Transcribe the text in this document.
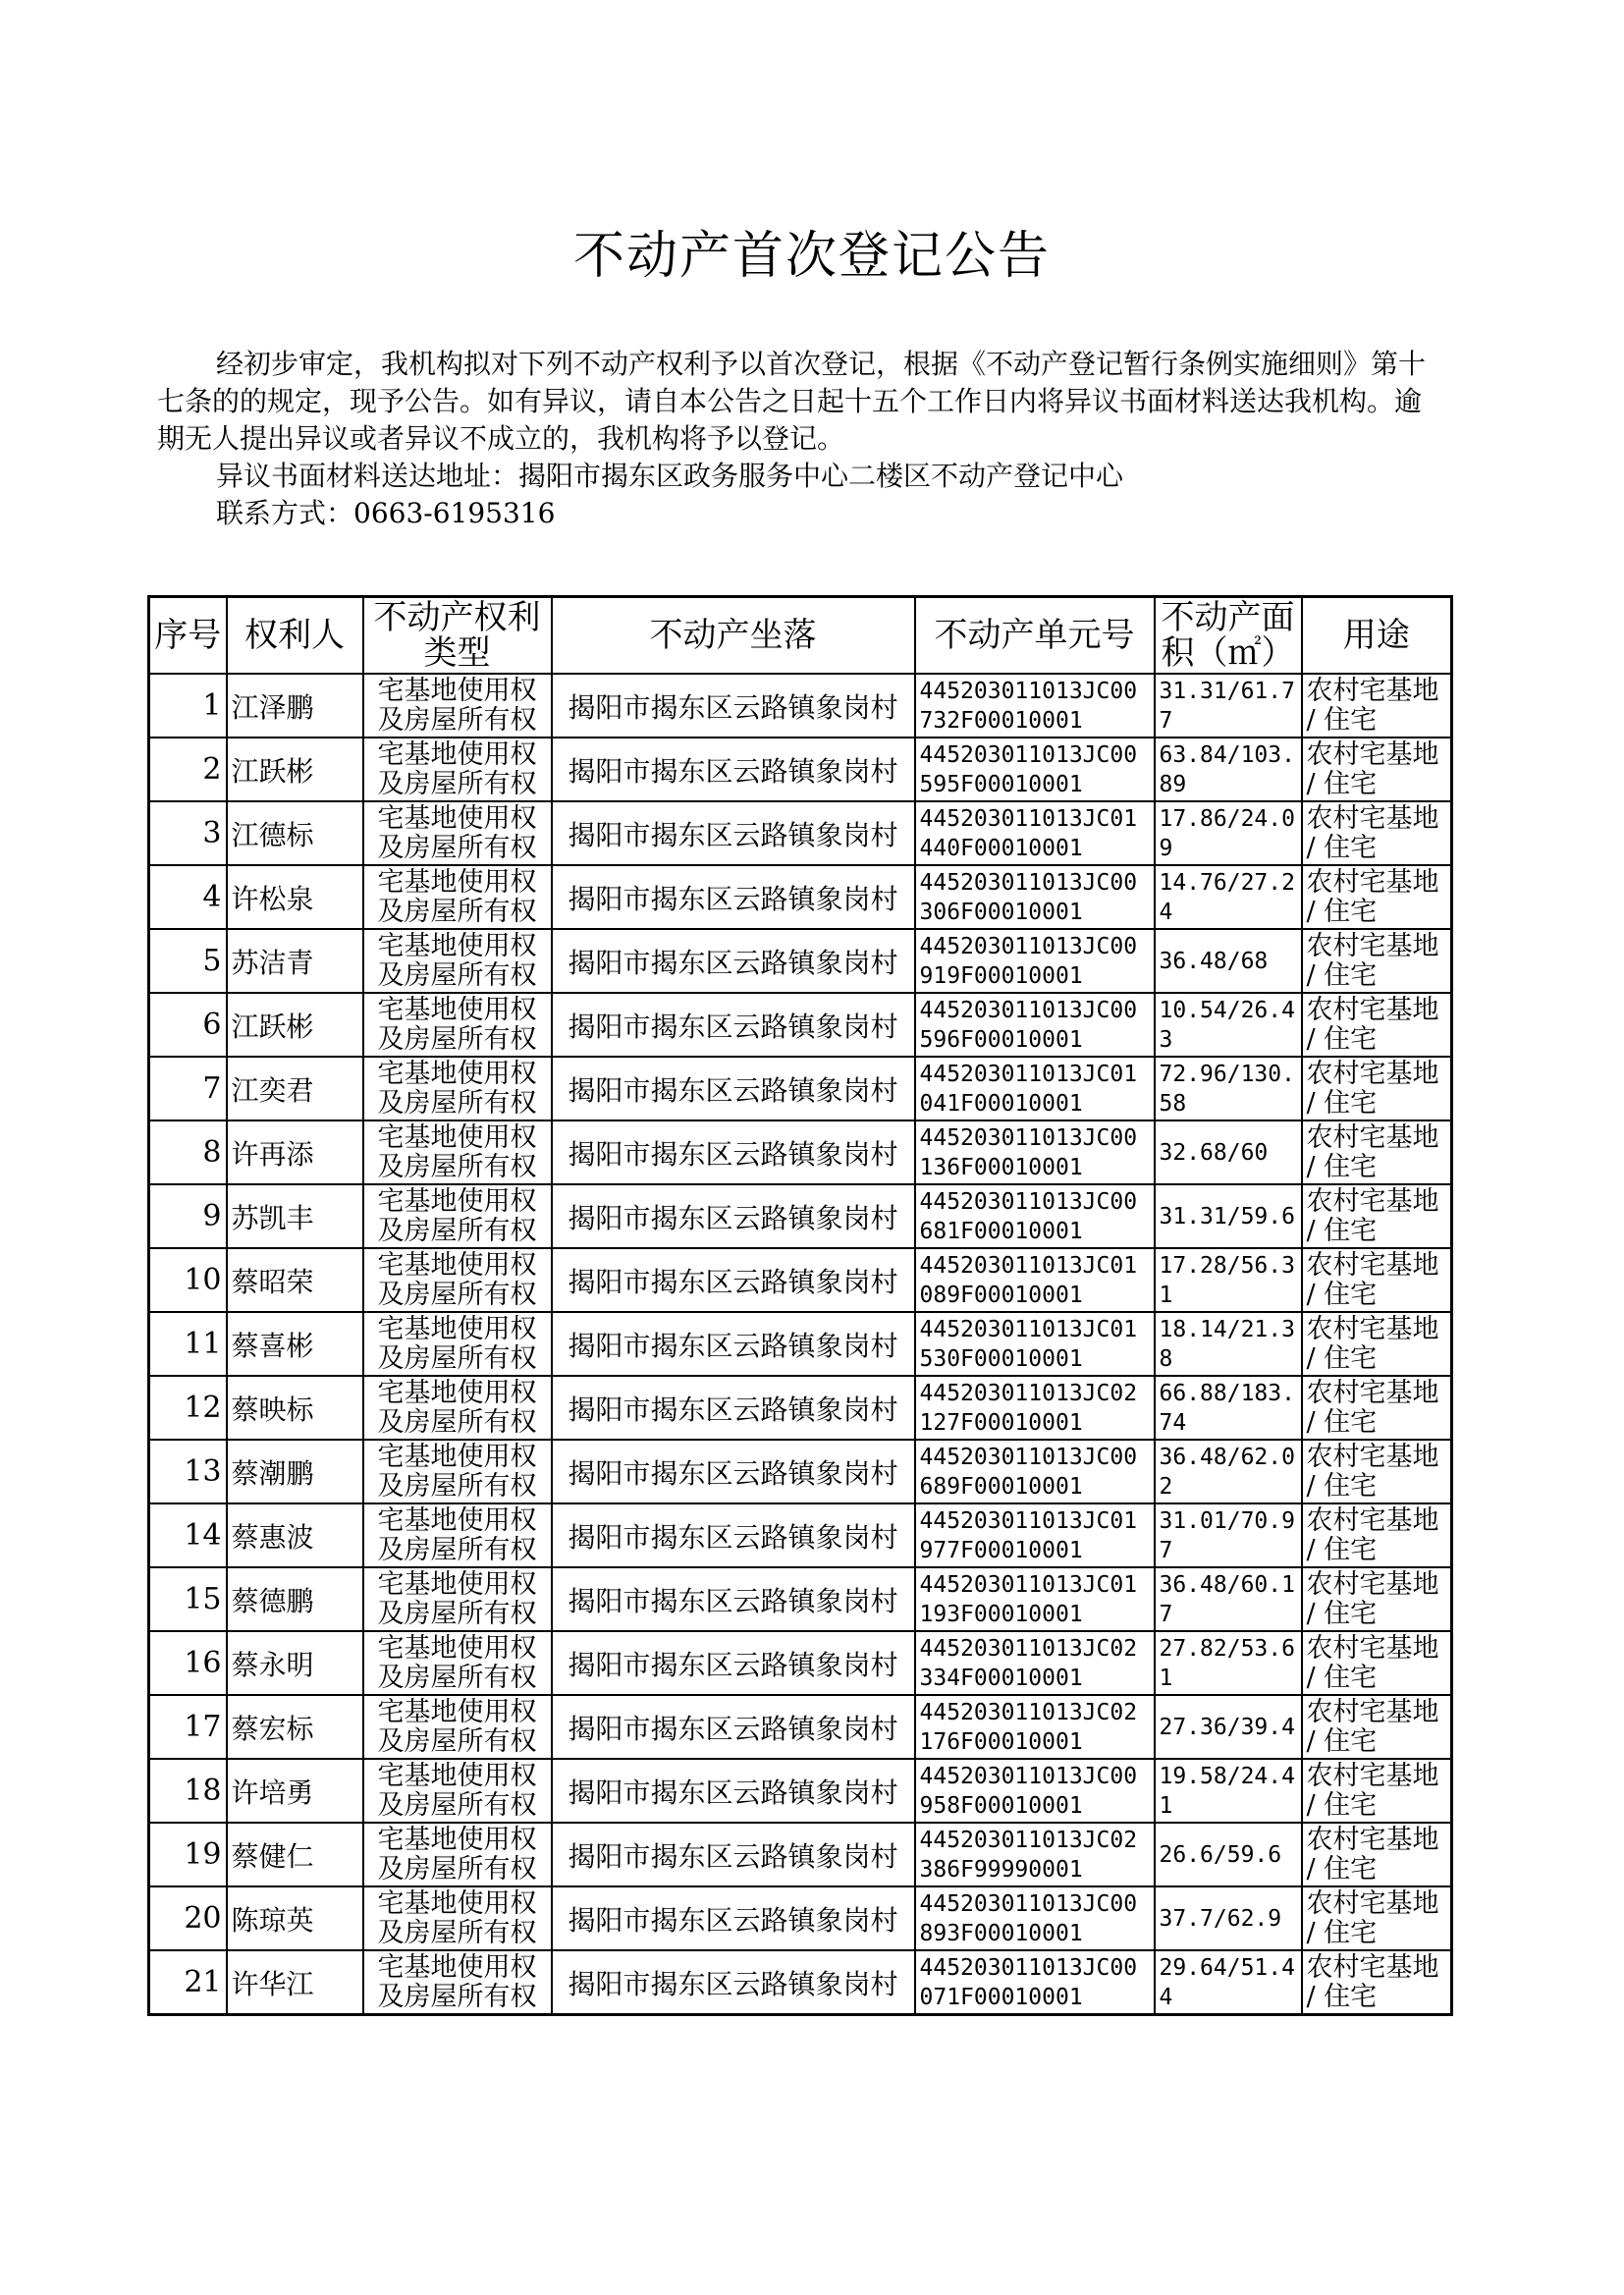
不动产首次登记公告

经初步审定，我机构拟对下列不动产权利予以首次登记，根据《不动产登记暂行条例实施细则》第十七条的的规定，现予公告。如有异议，请自本公告之日起十五个工作日内将异议书面材料送达我机构。逾期无人提出异议或者异议不成立的，我机构将予以登记。

异议书面材料送达地址：揭阳市揭东区政务服务中心二楼区不动产登记中心

联系方式：0663-6195316

序号	权利人	不动产权利类型	不动产坐落	不动产单元号	不动产面积（㎡）	用途
1	江泽鹏	宅基地使用权及房屋所有权	揭阳市揭东区云路镇象岗村	445203011013JC00732F00010001	31.31/61.77	农村宅基地 / 住宅
2	江跃彬	宅基地使用权及房屋所有权	揭阳市揭东区云路镇象岗村	445203011013JC00595F00010001	63.84/103.89	农村宅基地 / 住宅
3	江德标	宅基地使用权及房屋所有权	揭阳市揭东区云路镇象岗村	445203011013JC01440F00010001	17.86/24.09	农村宅基地 / 住宅
4	许松泉	宅基地使用权及房屋所有权	揭阳市揭东区云路镇象岗村	445203011013JC00306F00010001	14.76/27.24	农村宅基地 / 住宅
5	苏洁青	宅基地使用权及房屋所有权	揭阳市揭东区云路镇象岗村	445203011013JC00919F00010001	36.48/68	农村宅基地 / 住宅
6	江跃彬	宅基地使用权及房屋所有权	揭阳市揭东区云路镇象岗村	445203011013JC00596F00010001	10.54/26.43	农村宅基地 / 住宅
7	江奕君	宅基地使用权及房屋所有权	揭阳市揭东区云路镇象岗村	445203011013JC01041F00010001	72.96/130.58	农村宅基地 / 住宅
8	许再添	宅基地使用权及房屋所有权	揭阳市揭东区云路镇象岗村	445203011013JC00136F00010001	32.68/60	农村宅基地 / 住宅
9	苏凯丰	宅基地使用权及房屋所有权	揭阳市揭东区云路镇象岗村	445203011013JC00681F00010001	31.31/59.6	农村宅基地 / 住宅
10	蔡昭荣	宅基地使用权及房屋所有权	揭阳市揭东区云路镇象岗村	445203011013JC01089F00010001	17.28/56.31	农村宅基地 / 住宅
11	蔡喜彬	宅基地使用权及房屋所有权	揭阳市揭东区云路镇象岗村	445203011013JC01530F00010001	18.14/21.38	农村宅基地 / 住宅
12	蔡映标	宅基地使用权及房屋所有权	揭阳市揭东区云路镇象岗村	445203011013JC02127F00010001	66.88/183.74	农村宅基地 / 住宅
13	蔡潮鹏	宅基地使用权及房屋所有权	揭阳市揭东区云路镇象岗村	445203011013JC00689F00010001	36.48/62.02	农村宅基地 / 住宅
14	蔡惠波	宅基地使用权及房屋所有权	揭阳市揭东区云路镇象岗村	445203011013JC01977F00010001	31.01/70.97	农村宅基地 / 住宅
15	蔡德鹏	宅基地使用权及房屋所有权	揭阳市揭东区云路镇象岗村	445203011013JC01193F00010001	36.48/60.17	农村宅基地 / 住宅
16	蔡永明	宅基地使用权及房屋所有权	揭阳市揭东区云路镇象岗村	445203011013JC02334F00010001	27.82/53.61	农村宅基地 / 住宅
17	蔡宏标	宅基地使用权及房屋所有权	揭阳市揭东区云路镇象岗村	445203011013JC02176F00010001	27.36/39.4	农村宅基地 / 住宅
18	许培勇	宅基地使用权及房屋所有权	揭阳市揭东区云路镇象岗村	445203011013JC00958F00010001	19.58/24.41	农村宅基地 / 住宅
19	蔡健仁	宅基地使用权及房屋所有权	揭阳市揭东区云路镇象岗村	445203011013JC02386F99990001	26.6/59.6	农村宅基地 / 住宅
20	陈琼英	宅基地使用权及房屋所有权	揭阳市揭东区云路镇象岗村	445203011013JC00893F00010001	37.7/62.9	农村宅基地 / 住宅
21	许华江	宅基地使用权及房屋所有权	揭阳市揭东区云路镇象岗村	445203011013JC00071F00010001	29.64/51.44	农村宅基地 / 住宅
